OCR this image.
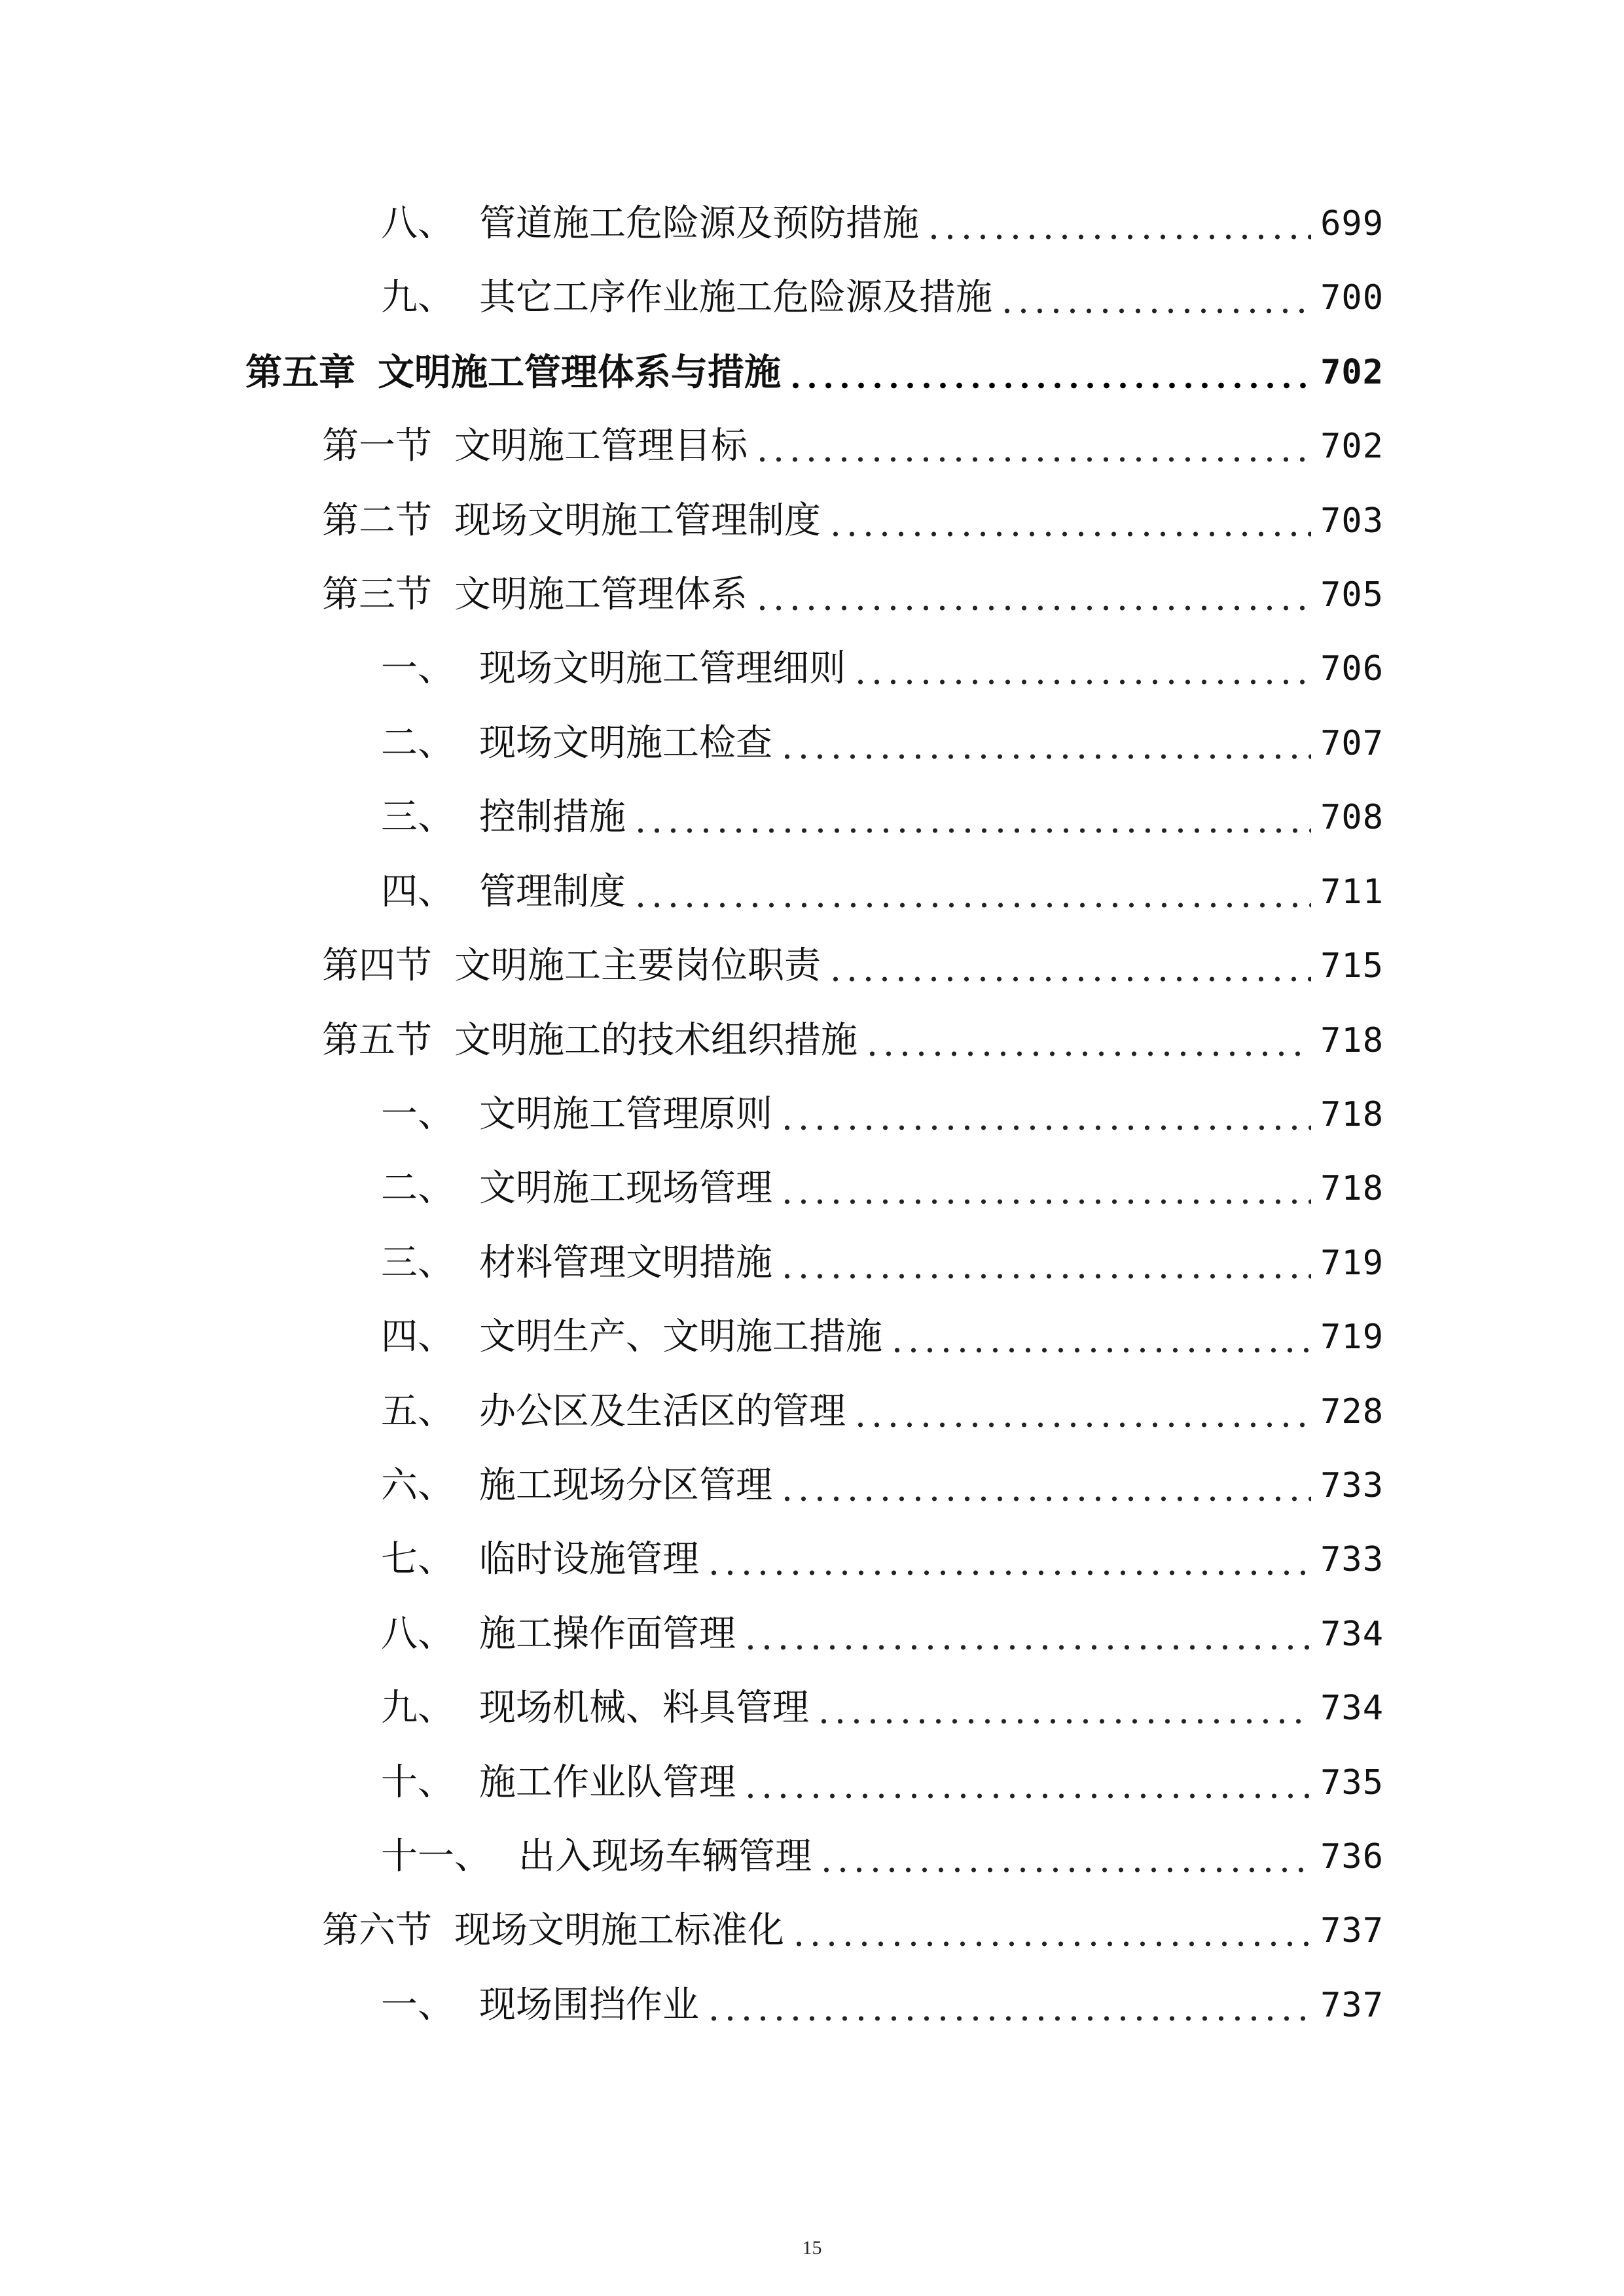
八、 管道施工危险源及预防措施	699
九、 其它工序作业施工危险源及措施	700
第五章 文明施工管理体系与措施	702
第一节 文明施工管理目标	702
第二节 现场文明施工管理制度	703
第三节 文明施工管理体系	705
一、 现场文明施工管理细则	706
二、 现场文明施工检查	707
三、 控制措施	708
四、 管理制度	711
第四节 文明施工主要岗位职责	715
第五节 文明施工的技术组织措施	718
一、 文明施工管理原则	718
二、 文明施工现场管理	718
三、 材料管理文明措施	719
四、 文明生产、文明施工措施	719
五、 办公区及生活区的管理	728
六、 施工现场分区管理	733
七、 临时设施管理	733
八、 施工操作面管理	734
九、 现场机械、料具管理	734
十、 施工作业队管理	735
十一、 出入现场车辆管理	736
第六节 现场文明施工标准化	737
一、 现场围挡作业	737
15
